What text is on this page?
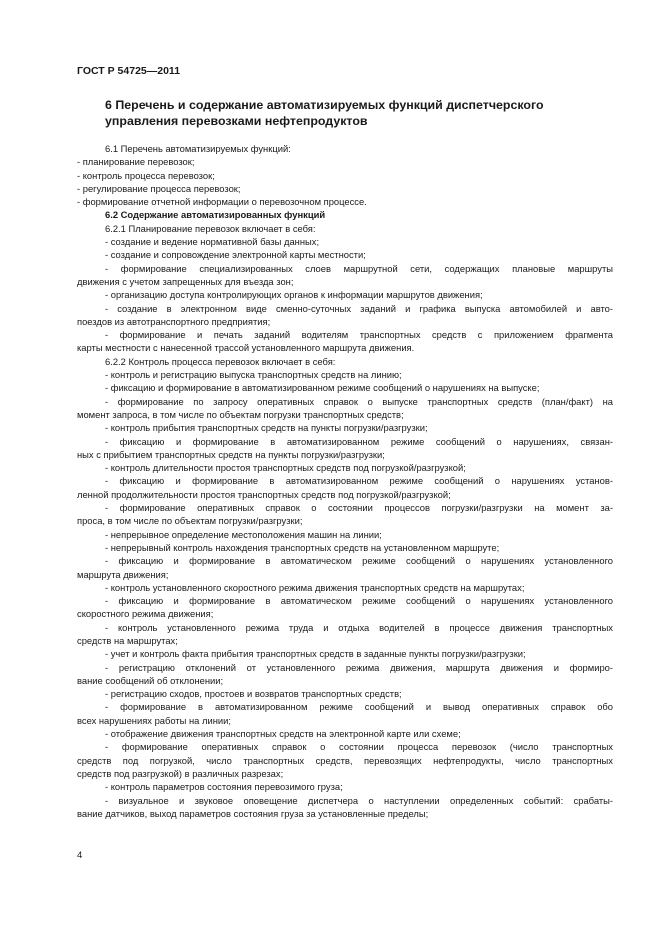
ГОСТ Р 54725—2011
6 Перечень и содержание автоматизируемых функций диспетчерского управления перевозками нефтепродуктов
6.1 Перечень автоматизируемых функций:
- планирование перевозок;
- контроль процесса перевозок;
- регулирование процесса перевозок;
- формирование отчетной информации о перевозочном процессе.
6.2 Содержание автоматизированных функций
6.2.1 Планирование перевозок включает в себя:
- создание и ведение нормативной базы данных;
- создание и сопровождение электронной карты местности;
- формирование специализированных слоев маршрутной сети, содержащих плановые маршруты
движения с учетом запрещенных для въезда зон;
- организацию доступа контролирующих органов к информации маршрутов движения;
- создание в электронном виде сменно-суточных заданий и графика выпуска автомобилей и авто-
поездов из автотранспортного предприятия;
- формирование и печать заданий водителям транспортных средств с приложением фрагмента
карты местности с нанесенной трассой установленного маршрута движения.
6.2.2 Контроль процесса перевозок включает в себя:
- контроль и регистрацию выпуска транспортных средств на линию;
- фиксацию и формирование в автоматизированном режиме сообщений о нарушениях на выпуске;
- формирование по запросу оперативных справок о выпуске транспортных средств (план/факт) на
момент запроса, в том числе по объектам погрузки транспортных средств;
- контроль прибытия транспортных средств на пункты погрузки/разгрузки;
- фиксацию и формирование в автоматизированном режиме сообщений о нарушениях, связан-
ных с прибытием транспортных средств на пункты погрузки/разгрузки;
- контроль длительности простоя транспортных средств под погрузкой/разгрузкой;
- фиксацию и формирование в автоматизированном режиме сообщений о нарушениях установ-
ленной продолжительности простоя транспортных средств под погрузкой/разгрузкой;
- формирование оперативных справок о состоянии процессов погрузки/разгрузки на момент за-
проса, в том числе по объектам погрузки/разгрузки;
- непрерывное определение местоположения машин на линии;
- непрерывный контроль нахождения транспортных средств на установленном маршруте;
- фиксацию и формирование в автоматическом режиме сообщений о нарушениях установленного
маршрута движения;
- контроль установленного скоростного режима движения транспортных средств на маршрутах;
- фиксацию и формирование в автоматическом режиме сообщений о нарушениях установленного
скоростного режима движения;
- контроль установленного режима труда и отдыха водителей в процессе движения транспортных
средств на маршрутах;
- учет и контроль факта прибытия транспортных средств в заданные пункты погрузки/разгрузки;
- регистрацию отклонений от установленного режима движения, маршрута движения и формиро-
вание сообщений об отклонении;
- регистрацию сходов, простоев и возвратов транспортных средств;
- формирование в автоматизированном режиме сообщений и вывод оперативных справок обо
всех нарушениях работы на линии;
- отображение движения транспортных средств на электронной карте или схеме;
- формирование оперативных справок о состоянии процесса перевозок (число транспортных
средств под погрузкой, число транспортных средств, перевозящих нефтепродукты, число транспортных
средств под разгрузкой) в различных разрезах;
- контроль параметров состояния перевозимого груза;
- визуальное и звуковое оповещение диспетчера о наступлении определенных событий: срабаты-
вание датчиков, выход параметров состояния груза за установленные пределы;
4
